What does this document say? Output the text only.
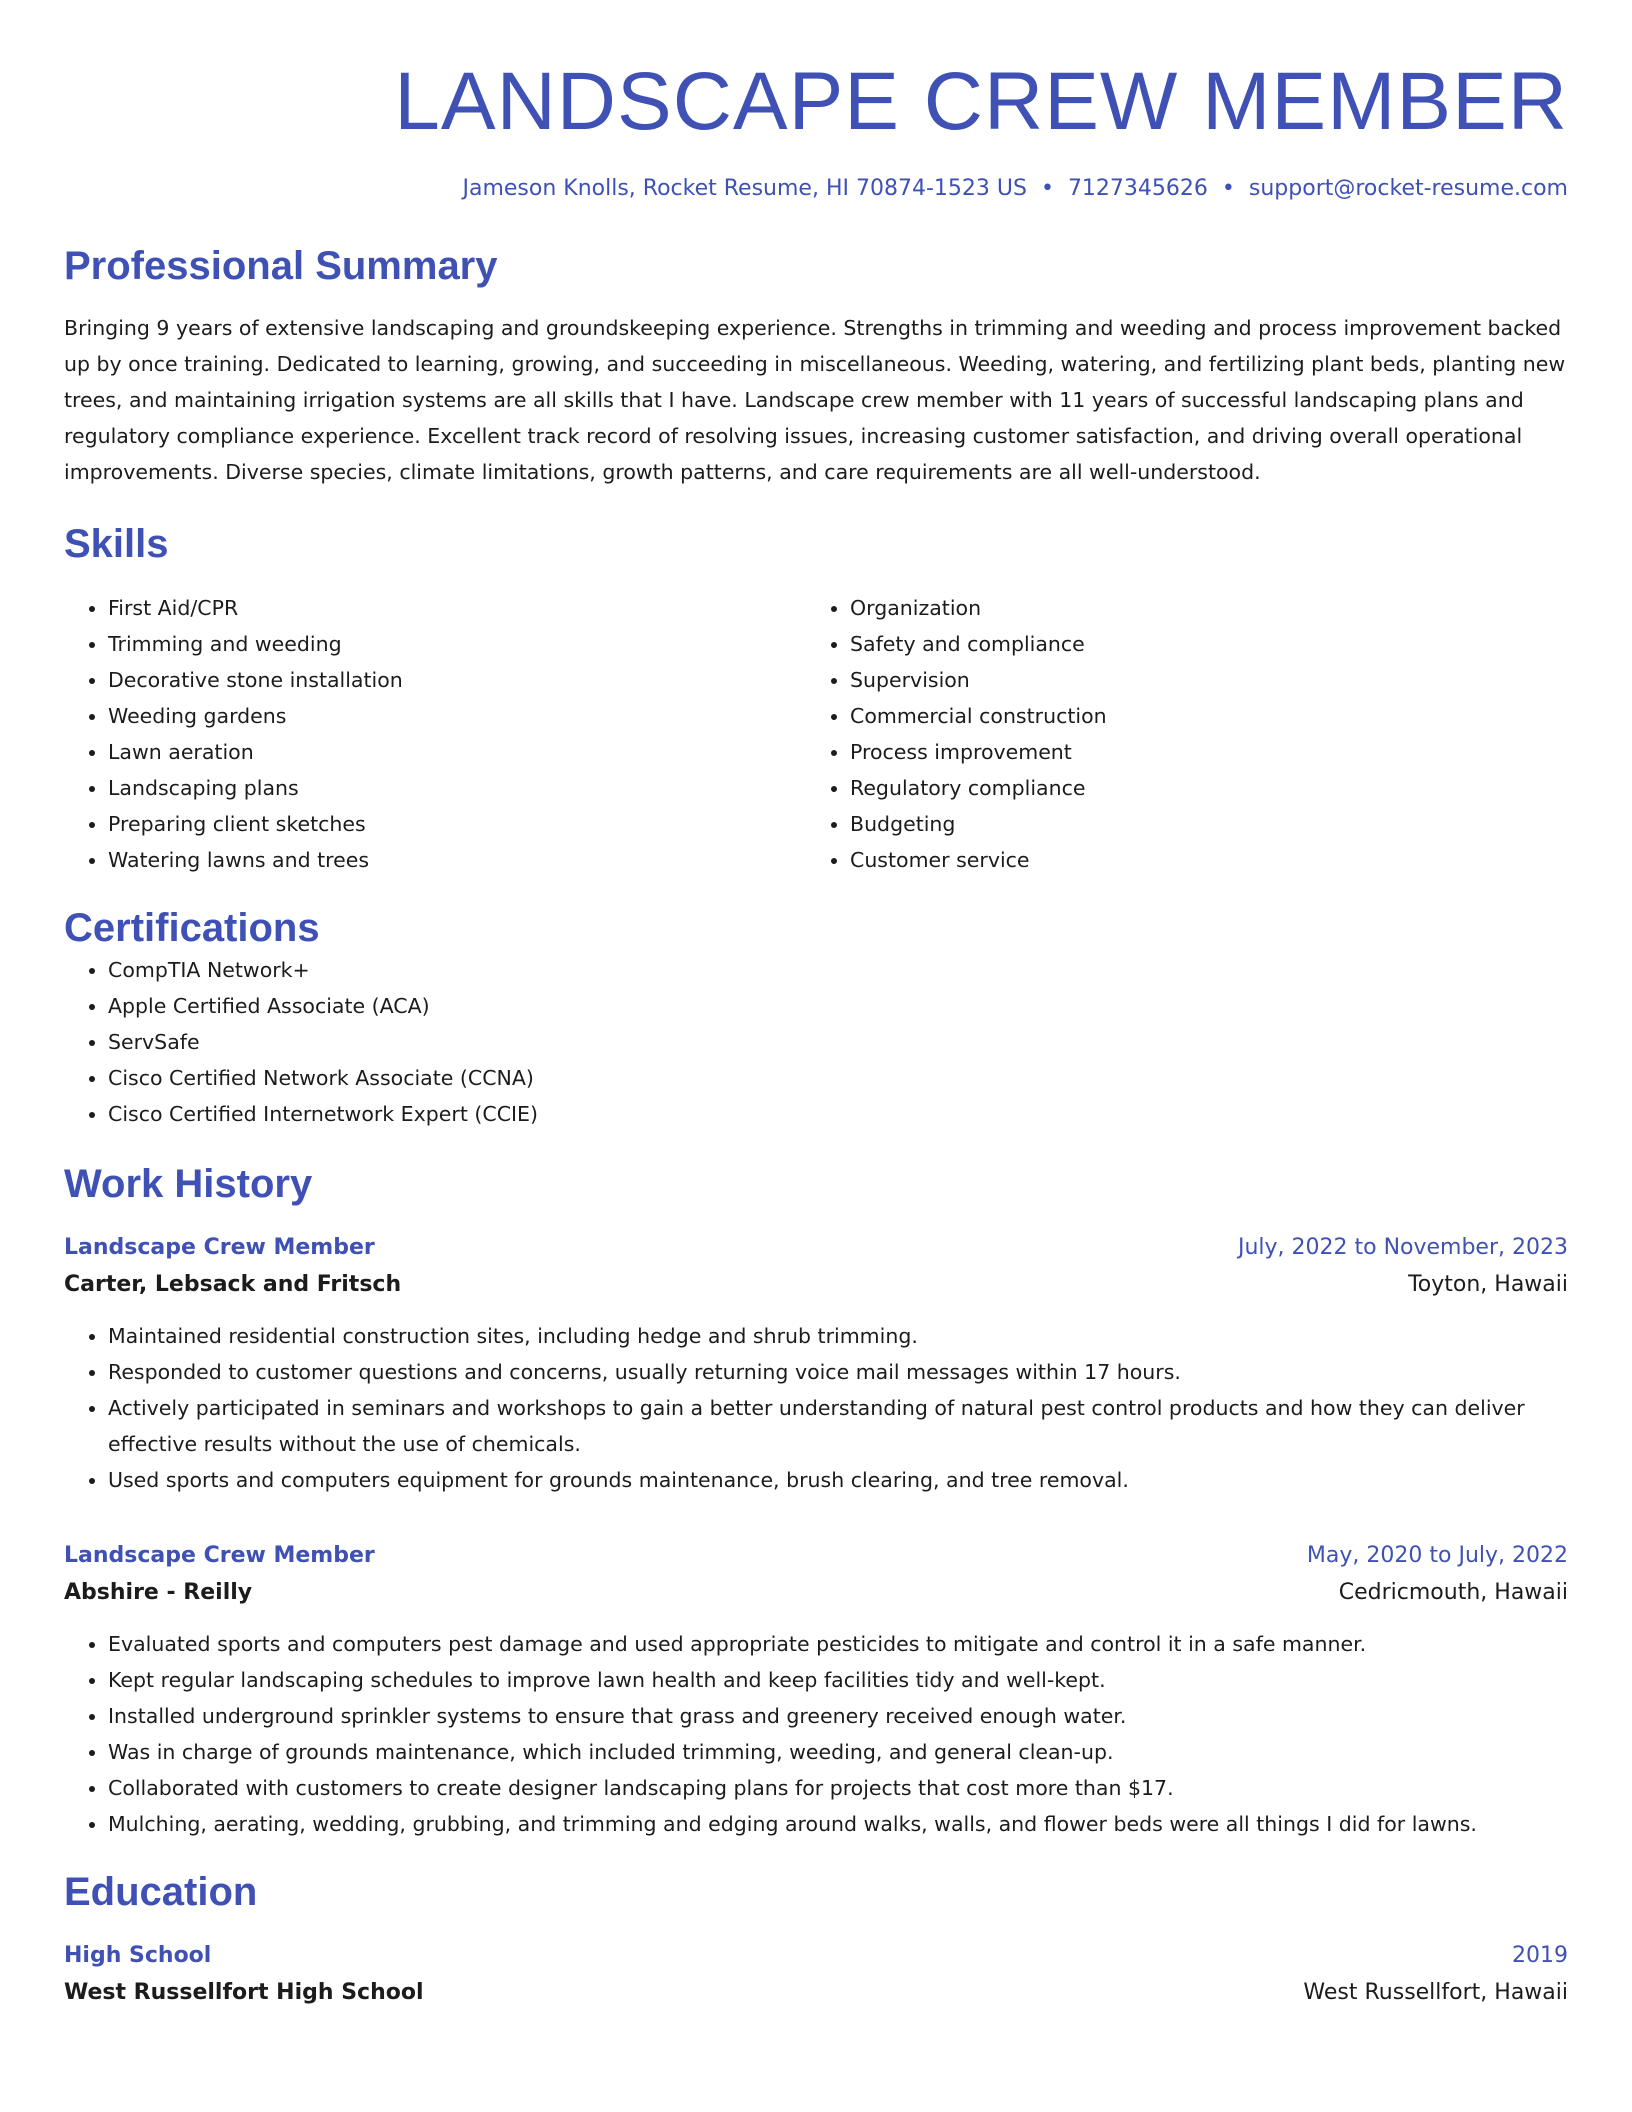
LANDSCAPE CREW MEMBER
Jameson Knolls, Rocket Resume, HI 70874-1523 US • 7127345626 • support@rocket-resume.com
Professional Summary
Bringing 9 years of extensive landscaping and groundskeeping experience. Strengths in trimming and weeding and process improvement backed up by once training. Dedicated to learning, growing, and succeeding in miscellaneous. Weeding, watering, and fertilizing plant beds, planting new trees, and maintaining irrigation systems are all skills that I have. Landscape crew member with 11 years of successful landscaping plans and regulatory compliance experience. Excellent track record of resolving issues, increasing customer satisfaction, and driving overall operational improvements. Diverse species, climate limitations, growth patterns, and care requirements are all well-understood.
Skills
• First Aid/CPR
• Trimming and weeding
• Decorative stone installation
• Weeding gardens
• Lawn aeration
• Landscaping plans
• Preparing client sketches
• Watering lawns and trees
• Organization
• Safety and compliance
• Supervision
• Commercial construction
• Process improvement
• Regulatory compliance
• Budgeting
• Customer service
Certifications
• CompTIA Network+
• Apple Certified Associate (ACA)
• ServSafe
• Cisco Certified Network Associate (CCNA)
• Cisco Certified Internetwork Expert (CCIE)
Work History
Landscape Crew Member	July, 2022 to November, 2023
Carter, Lebsack and Fritsch	Toyton, Hawaii
• Maintained residential construction sites, including hedge and shrub trimming.
• Responded to customer questions and concerns, usually returning voice mail messages within 17 hours.
• Actively participated in seminars and workshops to gain a better understanding of natural pest control products and how they can deliver effective results without the use of chemicals.
• Used sports and computers equipment for grounds maintenance, brush clearing, and tree removal.
Landscape Crew Member	May, 2020 to July, 2022
Abshire - Reilly	Cedricmouth, Hawaii
• Evaluated sports and computers pest damage and used appropriate pesticides to mitigate and control it in a safe manner.
• Kept regular landscaping schedules to improve lawn health and keep facilities tidy and well-kept.
• Installed underground sprinkler systems to ensure that grass and greenery received enough water.
• Was in charge of grounds maintenance, which included trimming, weeding, and general clean-up.
• Collaborated with customers to create designer landscaping plans for projects that cost more than $17.
• Mulching, aerating, wedding, grubbing, and trimming and edging around walks, walls, and flower beds were all things I did for lawns.
Education
High School	2019
West Russellfort High School	West Russellfort, Hawaii
